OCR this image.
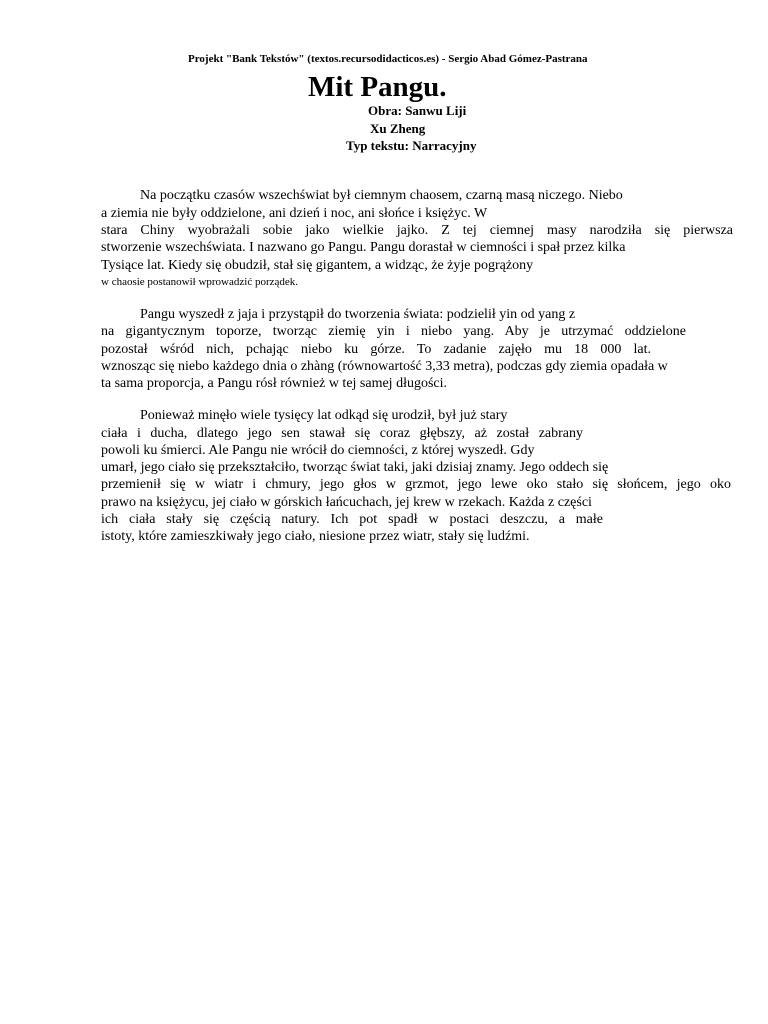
Projekt "Bank Tekstów" (textos.recursodidacticos.es) - Sergio Abad Gómez-Pastrana
Mit Pangu.
Obra: Sanwu Liji
Xu Zheng
Typ tekstu: Narracyjny
Na początku czasów wszechświat był ciemnym chaosem, czarną masą niczego. Niebo
a ziemia nie były oddzielone, ani dzień i noc, ani słońce i księżyc. W
stara Chiny wyobrażali sobie jako wielkie jajko. Z tej ciemnej masy narodziła się pierwsza
stworzenie wszechświata. I nazwano go Pangu. Pangu dorastał w ciemności i spał przez kilka
Tysiące lat. Kiedy się obudził, stał się gigantem, a widząc, że żyje pogrążony
w chaosie postanowił wprowadzić porządek.
Pangu wyszedł z jaja i przystąpił do tworzenia świata: podzielił yin od yang z
na gigantycznym toporze, tworząc ziemię yin i niebo yang. Aby je utrzymać oddzielone
pozostał wśród nich, pchając niebo ku górze. To zadanie zajęło mu 18 000 lat.
wznosząc się niebo każdego dnia o zhàng (równowartość 3,33 metra), podczas gdy ziemia opadała w
ta sama proporcja, a Pangu rósł również w tej samej długości.
Ponieważ minęło wiele tysięcy lat odkąd się urodził, był już stary
ciała i ducha, dlatego jego sen stawał się coraz głębszy, aż został zabrany
powoli ku śmierci. Ale Pangu nie wrócił do ciemności, z której wyszedł. Gdy
umarł, jego ciało się przekształciło, tworząc świat taki, jaki dzisiaj znamy. Jego oddech się
przemienił się w wiatr i chmury, jego głos w grzmot, jego lewe oko stało się słońcem, jego oko
prawo na księżycu, jej ciało w górskich łańcuchach, jej krew w rzekach. Każda z części
ich ciała stały się częścią natury. Ich pot spadł w postaci deszczu, a małe
istoty, które zamieszkiwały jego ciało, niesione przez wiatr, stały się ludźmi.
